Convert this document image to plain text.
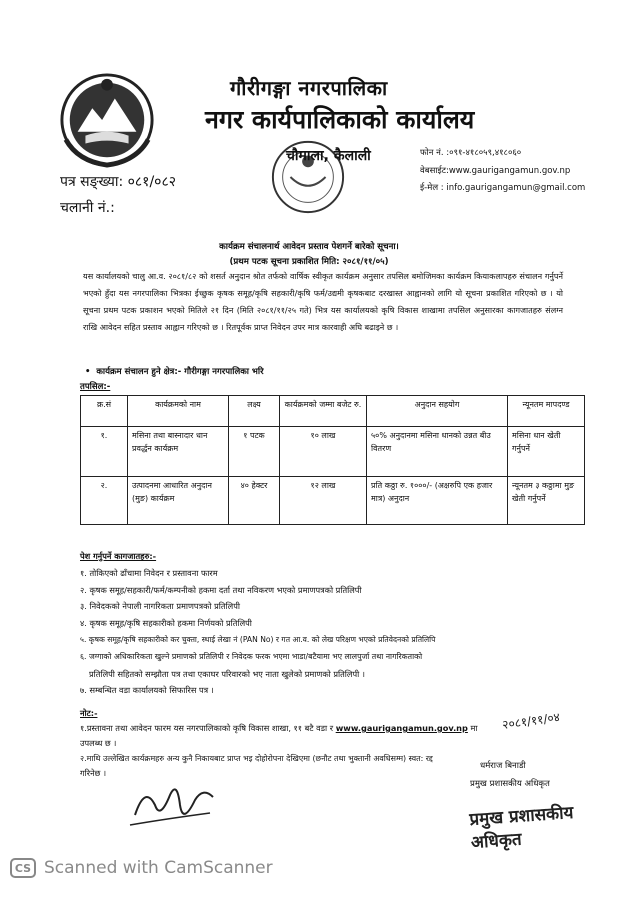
गौरीगङ्गा नगरपालिका
नगर कार्यपालिकाको कार्यालय
चौमाला, कैलाली
पत्र सङ्ख्या: ०८१/०८२
चलानी नं.:
फोन नं. :०९१-४१८०५९,४१८०६०
वेबसाईट:www.gaurigangamun.gov.np
ई-मेल : info.gaurigangamun@gmail.com
कार्यक्रम संचालनार्थ आवेदन प्रस्ताव पेशगर्ने बारेको सूचना।
(प्रथम पटक सूचना प्रकाशित मिति: २०८१/११/०५)
यस कार्यालयको चालु आ.व. २०८१/८२ को शसर्त अनुदान श्रोत तर्फको वार्षिक स्वीकृत कार्यक्रम अनुसार तपसिल बमोजिमका कार्यक्रम कियाकलापहरु संचालन गर्नुपर्ने भएको हुँदा यस नगरपालिका भित्रका ईच्छुक कृषक समूह/कृषि सहकारी/कृषि फर्म/उद्यमी कृषकबाट दरखास्त आह्वानको लागि यो सूचना प्रकाशित गरिएको छ । यो सूचना प्रथम पटक प्रकाशन भएको मितिले २१ दिन (मिति २०८१/११/२५ गते) भित्र यस कार्यालयको कृषि विकास शाखामा तपसिल अनुसारका कागजातहरु संलग्न राखि आवेदन सहित प्रस्ताव आह्वान गरिएको छ । रितपूर्वक प्राप्त निवेदन उपर मात्र कारवाही अघि बढाइने छ ।
•  कार्यक्रम संचालन हुने क्षेत्र:- गौरीगङ्गा नगरपालिका भरि
तपसिल:-
क्र.सं	कार्यक्रमको नाम	लक्ष्य	कार्यक्रमको जम्मा बजेट रु.	अनुदान सहयोग	न्यूनतम मापदण्ड
१.	मसिना तथा बास्नादार धान प्रवर्द्धन कार्यक्रम	१ पटक	१० लाख	५०% अनुदानमा मसिना धानको उन्नत बीउ वितरण	मसिना धान खेती गर्नुपर्ने
२.	उत्पादनमा आधारित अनुदान (मुङ) कार्यक्रम	४० हेक्टर	१२ लाख	प्रति कठ्ठा रु. १०००/- (अक्षरुपि एक हजार मात्र) अनुदान	न्यूनतम ३ कठ्ठामा मुङ खेती गर्नुपर्ने
पेश गर्नुपर्ने कागजातहरु:-
१. तोकिएको ढाँचामा निवेदन र प्रस्तावना फारम
२. कृषक समूह/सहकारी/फर्म/कम्पनीको हकमा दर्ता तथा नविकरण भएको प्रमाणपत्रको प्रतिलिपी
३. निवेदकको नेपाली नागरिकता प्रमाणपत्रको प्रतिलिपी
४. कृषक समूह/कृषि सहकारीको हकमा निर्णयको प्रतिलिपी
५. कृषक समूह/कृषि सहकारीको कर चुक्ता, स्थाई लेखा नं (PAN No) र गत आ.व. को लेख परिक्षण भएको प्रतिवेदनको प्रतिलिपि
६. जग्गाको अधिकारिकता खुल्ने प्रमाणको प्रतिलिपी र निवेदक फरक भएमा भाडा/बटैयामा भए लालपुर्जा तथा नागरिकताको
प्रतिलिपी सहितको सम्झौता पत्र तथा एकाघर परिवारको भए नाता खुलेको प्रमाणको प्रतिलिपी ।
७. सम्बन्धित वडा कार्यालयको सिफारिस पत्र ।
नोट:-
१.प्रस्तावना तथा आवेदन फारम यस नगरपालिकाको कृषि विकास शाखा, ११ बटै वडा र www.gaurigangamun.gov.np मा
उपलब्ध छ ।
२.माथि उल्लेखित कार्यक्रमहरु अन्य कुनै निकायबाट प्राप्त भइ दोहोरोपना देखिएमा (छनौट तथा भुक्तानी अवधिसम्म) स्वत: रद्द
गरिनेछ ।
२०८१/११/०४
धर्मराज बिनाडी
प्रमुख प्रशासकीय अधिकृत
प्रमुख प्रशासकीय अधिकृत
CS Scanned with CamScanner
